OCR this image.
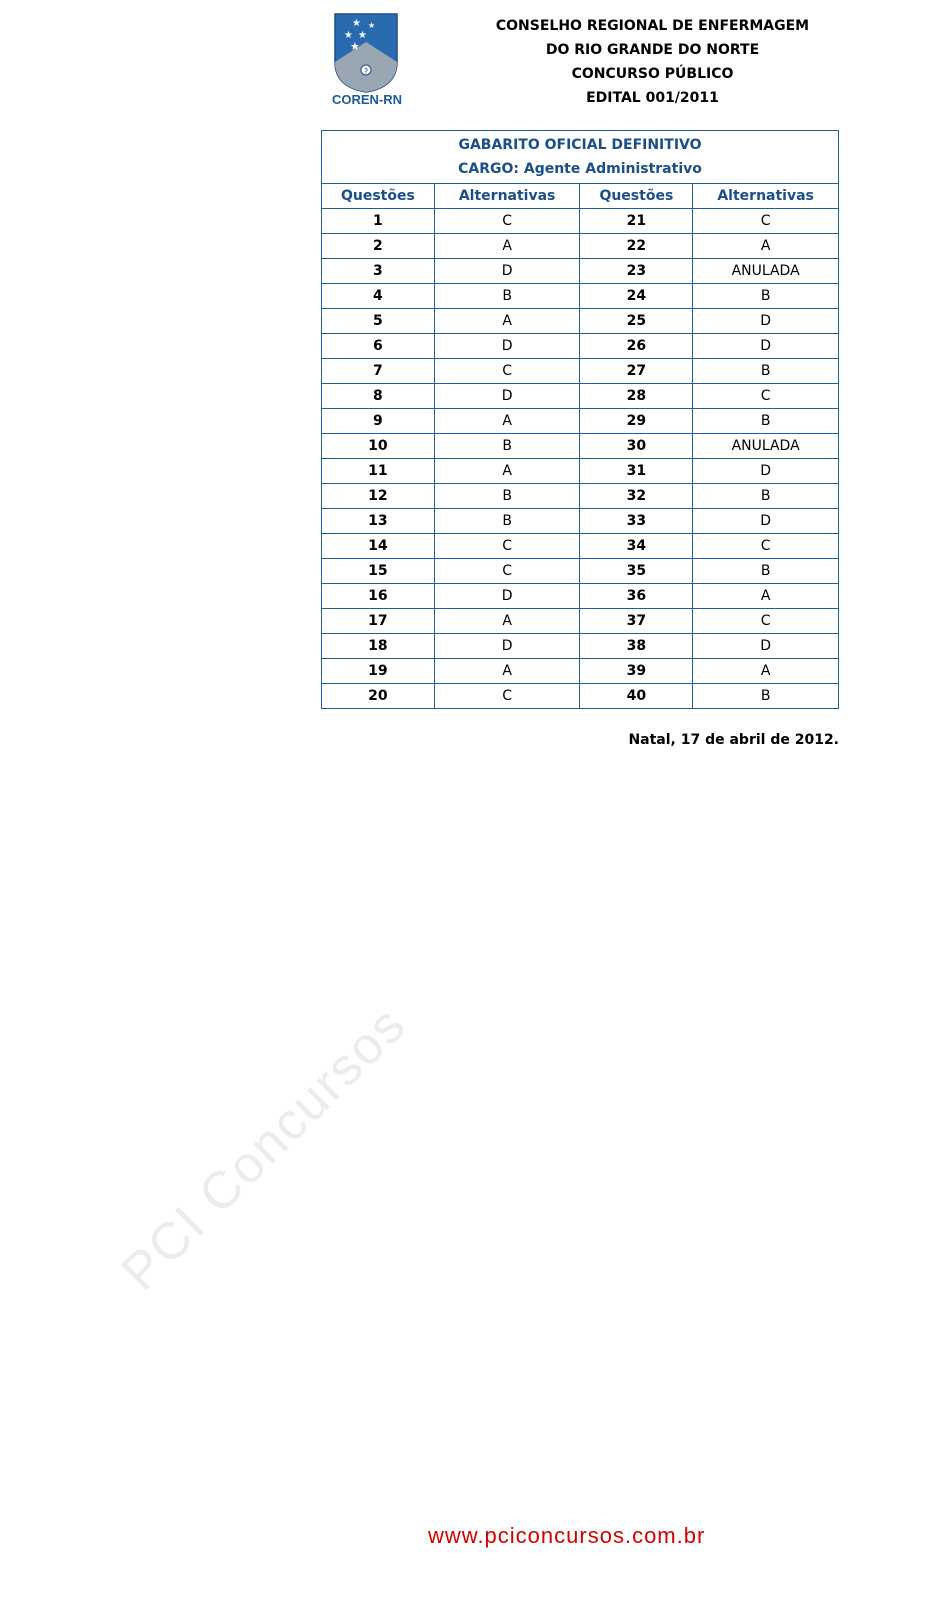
?
★
★ ★
★
★
COREN-RN
CONSELHO REGIONAL DE ENFERMAGEM
DO RIO GRANDE DO NORTE
CONCURSO PÚBLICO
EDITAL 001/2011
GABARITO OFICIAL DEFINITIVO
CARGO: Agente Administrativo			

Questões	Alternativas	Questões	Alternativas
1	C	21	C
2	A	22	A
3	D	23	ANULADA
4	B	24	B
5	A	25	D
6	D	26	D
7	C	27	B
8	D	28	C
9	A	29	B
10	B	30	ANULADA
11	A	31	D
12	B	32	B
13	B	33	D
14	C	34	C
15	C	35	B
16	D	36	A
17	A	37	C
18	D	38	D
19	A	39	A
20	C	40	B
Natal, 17 de abril de 2012.
PCI Concursos
www.pciconcursos.com.br
